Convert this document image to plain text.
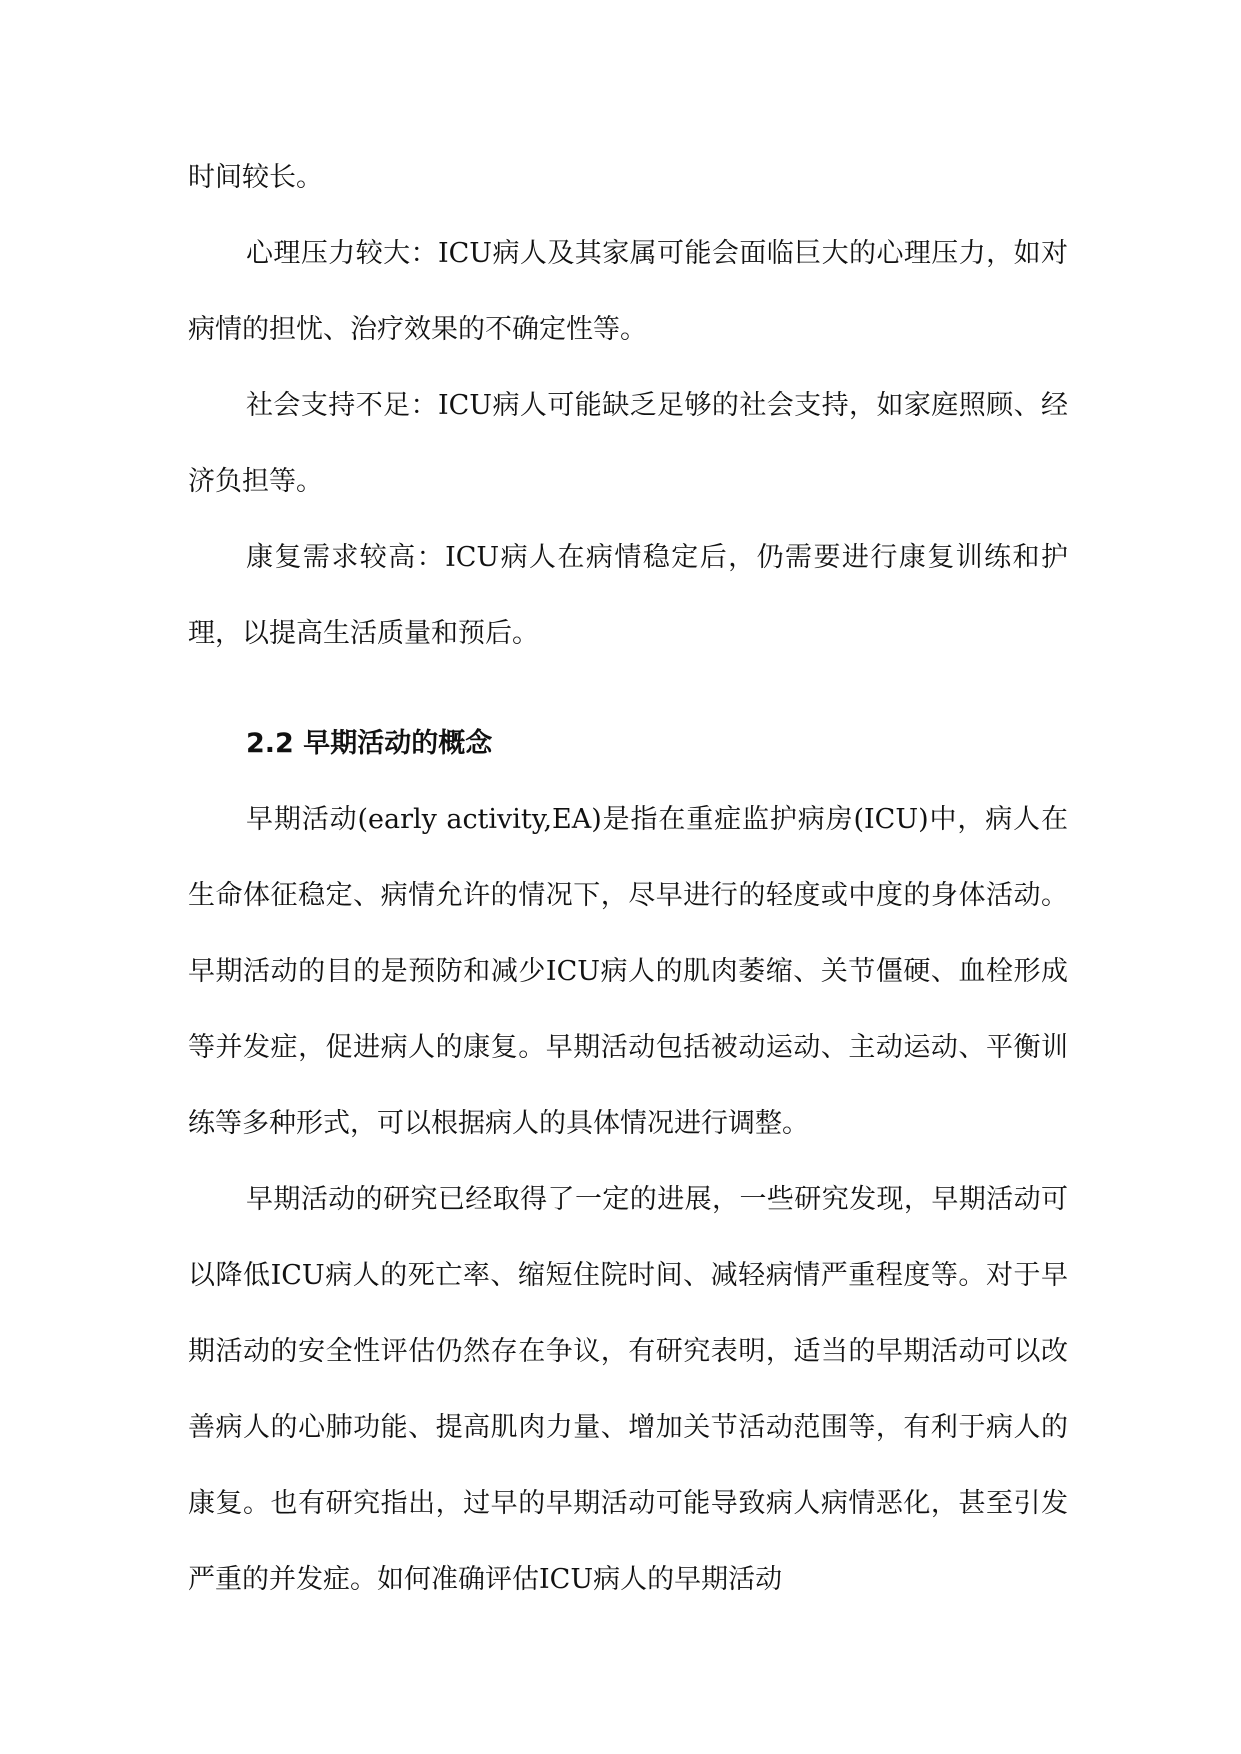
时间较长。

心理压力较大：ICU病人及其家属可能会面临巨大的心理压力，如对病情的担忧、治疗效果的不确定性等。

社会支持不足：ICU病人可能缺乏足够的社会支持，如家庭照顾、经济负担等。

康复需求较高：ICU病人在病情稳定后，仍需要进行康复训练和护理，以提高生活质量和预后。

2.2 早期活动的概念

早期活动(early activity,EA)是指在重症监护病房(ICU)中，病人在生命体征稳定、病情允许的情况下，尽早进行的轻度或中度的身体活动。早期活动的目的是预防和减少ICU病人的肌肉萎缩、关节僵硬、血栓形成等并发症，促进病人的康复。早期活动包括被动运动、主动运动、平衡训练等多种形式，可以根据病人的具体情况进行调整。

早期活动的研究已经取得了一定的进展，一些研究发现，早期活动可以降低ICU病人的死亡率、缩短住院时间、减轻病情严重程度等。对于早期活动的安全性评估仍然存在争议，有研究表明，适当的早期活动可以改善病人的心肺功能、提高肌肉力量、增加关节活动范围等，有利于病人的康复。也有研究指出，过早的早期活动可能导致病人病情恶化，甚至引发严重的并发症。如何准确评估ICU病人的早期活动
